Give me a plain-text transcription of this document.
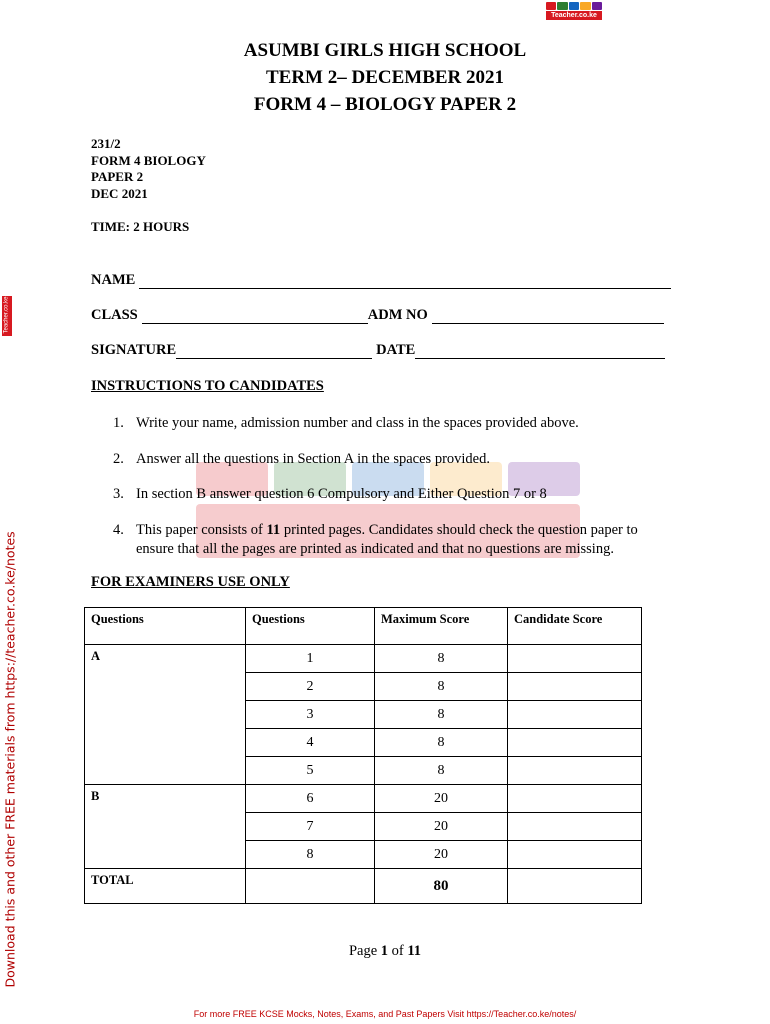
Teacher.co.ke
Teacher.co.ke
Download this and other FREE materials from https://teacher.co.ke/notes
ASUMBI GIRLS HIGH SCHOOL
TERM 2– DECEMBER 2021
FORM 4 – BIOLOGY PAPER 2
231/2
FORM 4 BIOLOGY
PAPER 2
DEC 2021
TIME: 2 HOURS
NAME
CLASS	ADM NO
SIGNATURE	DATE
INSTRUCTIONS TO CANDIDATES
1. Write your name, admission number and class in the spaces provided above.
2. Answer all the questions in Section A in the spaces provided.
3. In section B answer question 6 Compulsory and Either Question 7 or 8
4. This paper consists of 11 printed pages. Candidates should check the question paper to ensure that all the pages are printed as indicated and that no questions are missing.
FOR EXAMINERS USE ONLY
Questions	Questions	Maximum Score	Candidate Score
A	1	8	
	2	8	
	3	8	
	4	8	
	5	8	
B	6	20	
	7	20	
	8	20	
TOTAL		80	
Page 1 of 11
For more FREE KCSE Mocks, Notes, Exams, and Past Papers Visit https://Teacher.co.ke/notes/
